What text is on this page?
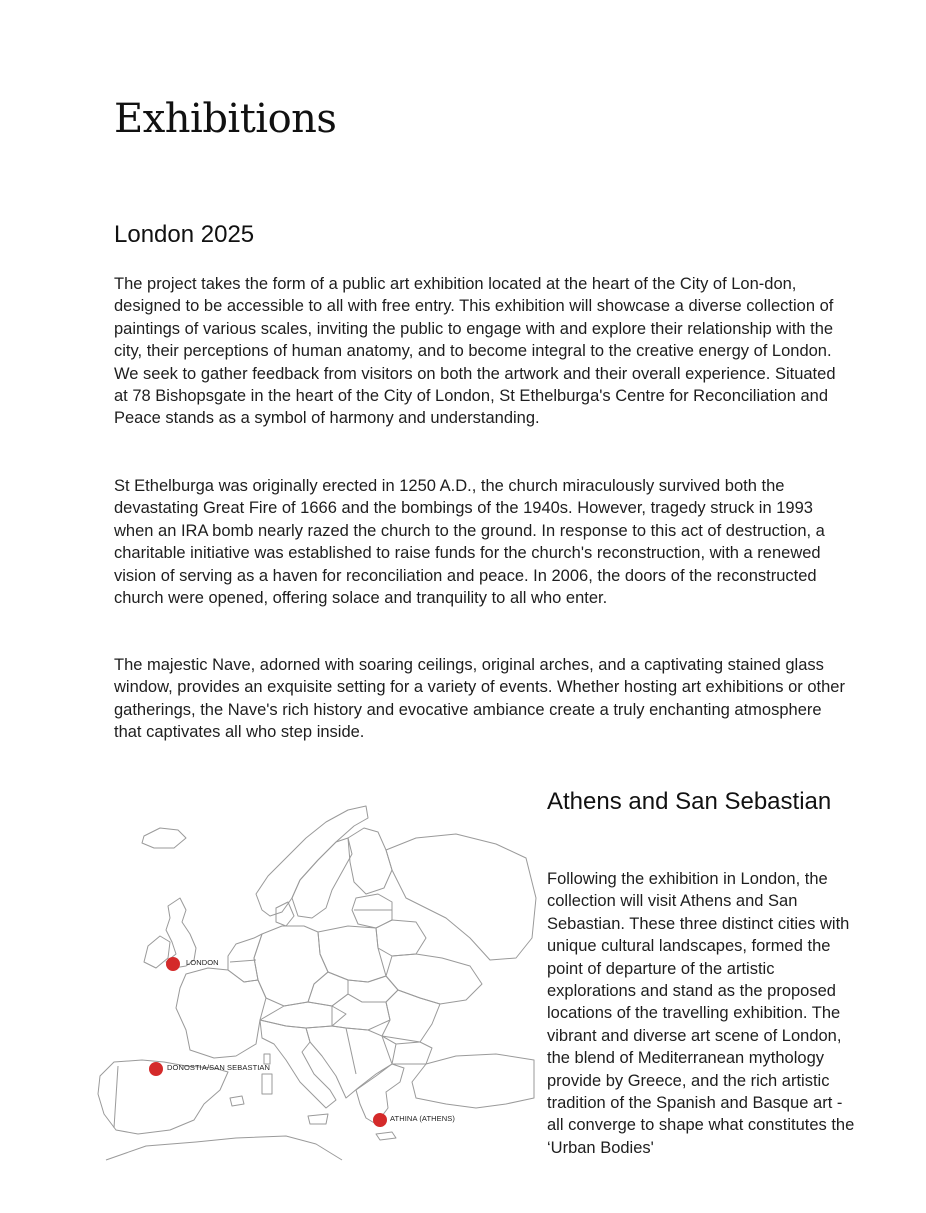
Exhibitions
London 2025

The project takes the form of a public art exhibition located at the heart of the City of Lon-don, designed to be accessible to all with free entry. This exhibition will showcase a diverse collection of paintings of various scales, inviting the public to engage with and explore their relationship with the city, their perceptions of human anatomy, and to become integral to the creative energy of London. We seek to gather feedback from visitors on both the artwork and their overall experience. Situated at 78 Bishopsgate in the heart of the City of London, St Ethelburga's Centre for Reconciliation and Peace stands as a symbol of harmony and understanding.

St Ethelburga was originally erected in 1250 A.D., the church miraculously survived both the devastating Great Fire of 1666 and the bombings of the 1940s. However, tragedy struck in 1993 when an IRA bomb nearly razed the church to the ground. In response to this act of destruction, a charitable initiative was established to raise funds for the church's reconstruction, with a renewed vision of serving as a haven for reconciliation and peace. In 2006, the doors of the reconstructed church were opened, offering solace and tranquility to all who enter.

The majestic Nave, adorned with soaring ceilings, original arches, and a captivating stained glass window, provides an exquisite setting for a variety of events. Whether hosting art exhibitions or other gatherings, the Nave's rich history and evocative ambiance create a truly enchanting atmosphere that captivates all who step inside.

LONDON
DONOSTIA/SAN SEBASTIAN
ATHINA (ATHENS)
Athens and San Sebastian

Following the exhibition in London, the collection will visit Athens and San Sebastian. These three distinct cities with unique cultural landscapes, formed the point of departure of the artistic explorations and stand as the proposed locations of the travelling exhibition. The vibrant and diverse art scene of London, the blend of Mediterranean mythology provide by Greece, and the rich artistic tradition of the Spanish and Basque art - all converge to shape what constitutes the ‘Urban Bodies'
